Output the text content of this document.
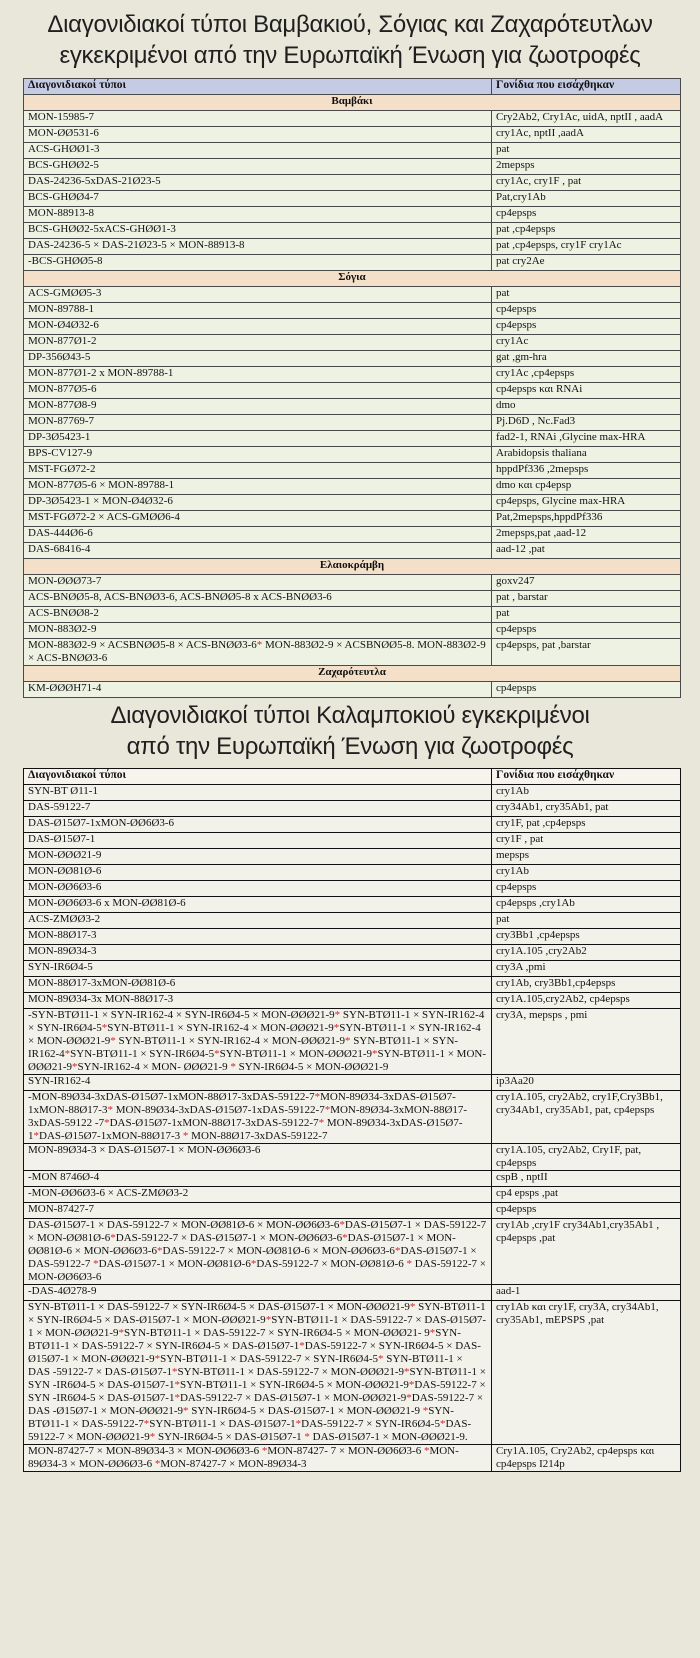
Διαγονιδιακοί τύποι Βαμβακιού, Σόγιας και Ζαχαρότευτλων
εγκεκριμένοι από την Ευρωπαϊκή Ένωση για ζωοτροφές
Διαγονιδιακοί τύποι	Γονίδια που εισάχθηκαν
Βαμβάκι	
MON-15985-7	Cry2Ab2, Cry1Ac, uidA, nptII , aadA
MON-ØØ531-6	cry1Ac, nptII ,aadA
ACS-GHØØ1-3	pat
BCS-GHØØ2-5	2mepsps
DAS-24236-5xDAS-21Ø23-5	cry1Ac, cry1F , pat
BCS-GHØØ4-7	Pat,cry1Ab
MON-88913-8	cp4epsps
BCS-GHØØ2-5xACS-GHØØ1-3	pat ,cp4epsps
DAS-24236-5 × DAS-21Ø23-5 × MON-88913-8	pat ,cp4epsps, cry1F cry1Ac
-BCS-GHØØ5-8	pat cry2Ae
Σόγια	
ACS-GMØØ5-3	pat
MON-89788-1	cp4epsps
MON-Ø4Ø32-6	cp4epsps
MON-877Ø1-2	cry1Ac
DP-356Ø43-5	gat ,gm-hra
MON-877Ø1-2 x MON-89788-1	cry1Ac ,cp4epsps
MON-877Ø5-6	cp4epsps και RNAi
MON-877Ø8-9	dmo
MON-87769-7	Pj.D6D , Nc.Fad3
DP-3Ø5423-1	fad2-1, RNAi ,Glycine max-HRA
BPS-CV127-9	Arabidopsis thaliana
MST-FGØ72-2	hppdPf336 ,2mepsps
MON-877Ø5-6 × MON-89788-1	dmo και cp4epsp
DP-3Ø5423-1 × MON-Ø4Ø32-6	cp4epsps, Glycine max-HRA
MST-FGØ72-2 × ACS-GMØØ6-4	Pat,2mepsps,hppdPf336
DAS-444Ø6-6	2mepsps,pat ,aad-12
DAS-68416-4	aad-12 ,pat
Ελαιοκράμβη	
MON-ØØØ73-7	goxv247
ACS-BNØØ5-8, ACS-BNØØ3-6, ACS-BNØØ5-8 x ACS-BNØØ3-6	pat , barstar
ACS-BNØØ8-2	pat
MON-883Ø2-9	cp4epsps
MON-883Ø2-9 × ACSBNØØ5-8 × ACS-BNØØ3-6* MON-883Ø2-9 × ACSBNØØ5-8. MON-883Ø2-9 × ACS-BNØØ3-6	cp4epsps, pat ,barstar
Ζαχαρότευτλα	
KM-ØØØH71-4	cp4epsps
Διαγονιδιακοί τύποι Καλαμποκιού εγκεκριμένοι
από την Ευρωπαϊκή Ένωση για ζωοτροφές
Διαγονιδιακοί τύποι	Γονίδια που εισάχθηκαν
SYN-BT Ø11-1	cry1Ab
DAS-59122-7	cry34Ab1, cry35Ab1, pat
DAS-Ø15Ø7-1xMON-ØØ6Ø3-6	cry1F, pat ,cp4epsps
DAS-Ø15Ø7-1	cry1F , pat
MON-ØØØ21-9	mepsps
MON-ØØ81Ø-6	cry1Ab
MON-ØØ6Ø3-6	cp4epsps
MON-ØØ6Ø3-6 x MON-ØØ81Ø-6	cp4epsps ,cry1Ab
ACS-ZMØØ3-2	pat
MON-88Ø17-3	cry3Bb1 ,cp4epsps
MON-89Ø34-3	cry1A.105 ,cry2Ab2
SYN-IR6Ø4-5	cry3A ,pmi
MON-88Ø17-3xMON-ØØ81Ø-6	cry1Ab, cry3Bb1,cp4epsps
MON-89Ø34-3x MON-88Ø17-3	cry1A.105,cry2Ab2, cp4epsps
-SYN-BTØ11-1 × SYN-IR162-4 × SYN-IR6Ø4-5 × MON-ØØØ21-9* SYN-BTØ11-1 × SYN-IR162-4 × SYN-IR6Ø4-5*SYN-BTØ11-1 × SYN-IR162-4 × MON-ØØØ21-9*SYN-BTØ11-1 × SYN-IR162-4 × MON-ØØØ21-9* SYN-BTØ11-1 × SYN-IR162-4 × MON-ØØØ21-9* SYN-BTØ11-1 × SYN-IR162-4*SYN-BTØ11-1 × SYN-IR6Ø4-5*SYN-BTØ11-1 × MON-ØØØ21-9*SYN-BTØ11-1 × MON-ØØØ21-9*SYN-IR162-4 × MON- ØØØ21-9 * SYN-IR6Ø4-5 × MON-ØØØ21-9	cry3A, mepsps , pmi
SYN-IR162-4	ip3Aa20
-MON-89Ø34-3xDAS-Ø15Ø7-1xMON-88Ø17-3xDAS-59122-7*MON-89Ø34-3xDAS-Ø15Ø7-1xMON-88Ø17-3* MON-89Ø34-3xDAS-Ø15Ø7-1xDAS-59122-7*MON-89Ø34-3xMON-88Ø17-3xDAS-59122 -7*DAS-Ø15Ø7-1xMON-88Ø17-3xDAS-59122-7* MON-89Ø34-3xDAS-Ø15Ø7-1*DAS-Ø15Ø7-1xMON-88Ø17-3 * MON-88Ø17-3xDAS-59122-7	cry1A.105, cry2Ab2, cry1F,Cry3Bb1, cry34Ab1, cry35Ab1, pat, cp4epsps
MON-89Ø34-3 × DAS-Ø15Ø7-1 × MON-ØØ6Ø3-6	cry1A.105, cry2Ab2, Cry1F, pat, cp4epsps
-MON 8746Ø-4	cspB , nptII
-MON-ØØ6Ø3-6 × ACS-ZMØØ3-2	cp4 epsps ,pat
MON-87427-7	cp4epsps
DAS-Ø15Ø7-1 × DAS-59122-7 × MON-ØØ81Ø-6 × MON-ØØ6Ø3-6*DAS-Ø15Ø7-1 × DAS-59122-7 × MON-ØØ81Ø-6*DAS-59122-7 × DAS-Ø15Ø7-1 × MON-ØØ6Ø3-6*DAS-Ø15Ø7-1 × MON-ØØ81Ø-6 × MON-ØØ6Ø3-6*DAS-59122-7 × MON-ØØ81Ø-6 × MON-ØØ6Ø3-6*DAS-Ø15Ø7-1 × DAS-59122-7 *DAS-Ø15Ø7-1 × MON-ØØ81Ø-6*DAS-59122-7 × MON-ØØ81Ø-6 * DAS-59122-7 × MON-ØØ6Ø3-6	cry1Ab ,cry1F cry34Ab1,cry35Ab1 , cp4epsps ,pat
-DAS-4Ø278-9	aad-1
SYN-BTØ11-1 × DAS-59122-7 × SYN-IR6Ø4-5 × DAS-Ø15Ø7-1 × MON-ØØØ21-9* SYN-BTØ11-1 × SYN-IR6Ø4-5 × DAS-Ø15Ø7-1 × MON-ØØØ21-9*SYN-BTØ11-1 × DAS-59122-7 × DAS-Ø15Ø7-1 × MON-ØØØ21-9*SYN-BTØ11-1 × DAS-59122-7 × SYN-IR6Ø4-5 × MON-ØØØ21- 9*SYN-BTØ11-1 × DAS-59122-7 × SYN-IR6Ø4-5 × DAS-Ø15Ø7-1*DAS-59122-7 × SYN-IR6Ø4-5 × DAS-Ø15Ø7-1 × MON-ØØØ21-9*SYN-BTØ11-1 × DAS-59122-7 × SYN-IR6Ø4-5* SYN-BTØ11-1 × DAS -59122-7 × DAS-Ø15Ø7-1*SYN-BTØ11-1 × DAS-59122-7 × MON-ØØØ21-9*SYN-BTØ11-1 × SYN -IR6Ø4-5 × DAS-Ø15Ø7-1*SYN-BTØ11-1 × SYN-IR6Ø4-5 × MON-ØØØ21-9*DAS-59122-7 × SYN -IR6Ø4-5 × DAS-Ø15Ø7-1*DAS-59122-7 × DAS-Ø15Ø7-1 × MON-ØØØ21-9*DAS-59122-7 × DAS -Ø15Ø7-1 × MON-ØØØ21-9* SYN-IR6Ø4-5 × DAS-Ø15Ø7-1 × MON-ØØØ21-9 *SYN-BTØ11-1 × DAS-59122-7*SYN-BTØ11-1 × DAS-Ø15Ø7-1*DAS-59122-7 × SYN-IR6Ø4-5*DAS-59122-7 × MON-ØØØ21-9* SYN-IR6Ø4-5 × DAS-Ø15Ø7-1 * DAS-Ø15Ø7-1 × MON-ØØØ21-9.	cry1Ab και cry1F, cry3A, cry34Ab1, cry35Ab1, mEPSPS ,pat
MON-87427-7 × MON-89Ø34-3 × MON-ØØ6Ø3-6 *MON-87427- 7 × MON-ØØ6Ø3-6 *MON-89Ø34-3 × MON-ØØ6Ø3-6 *MON-87427-7 × MON-89Ø34-3	Cry1A.105, Cry2Ab2, cp4epsps και cp4epsps I214p
